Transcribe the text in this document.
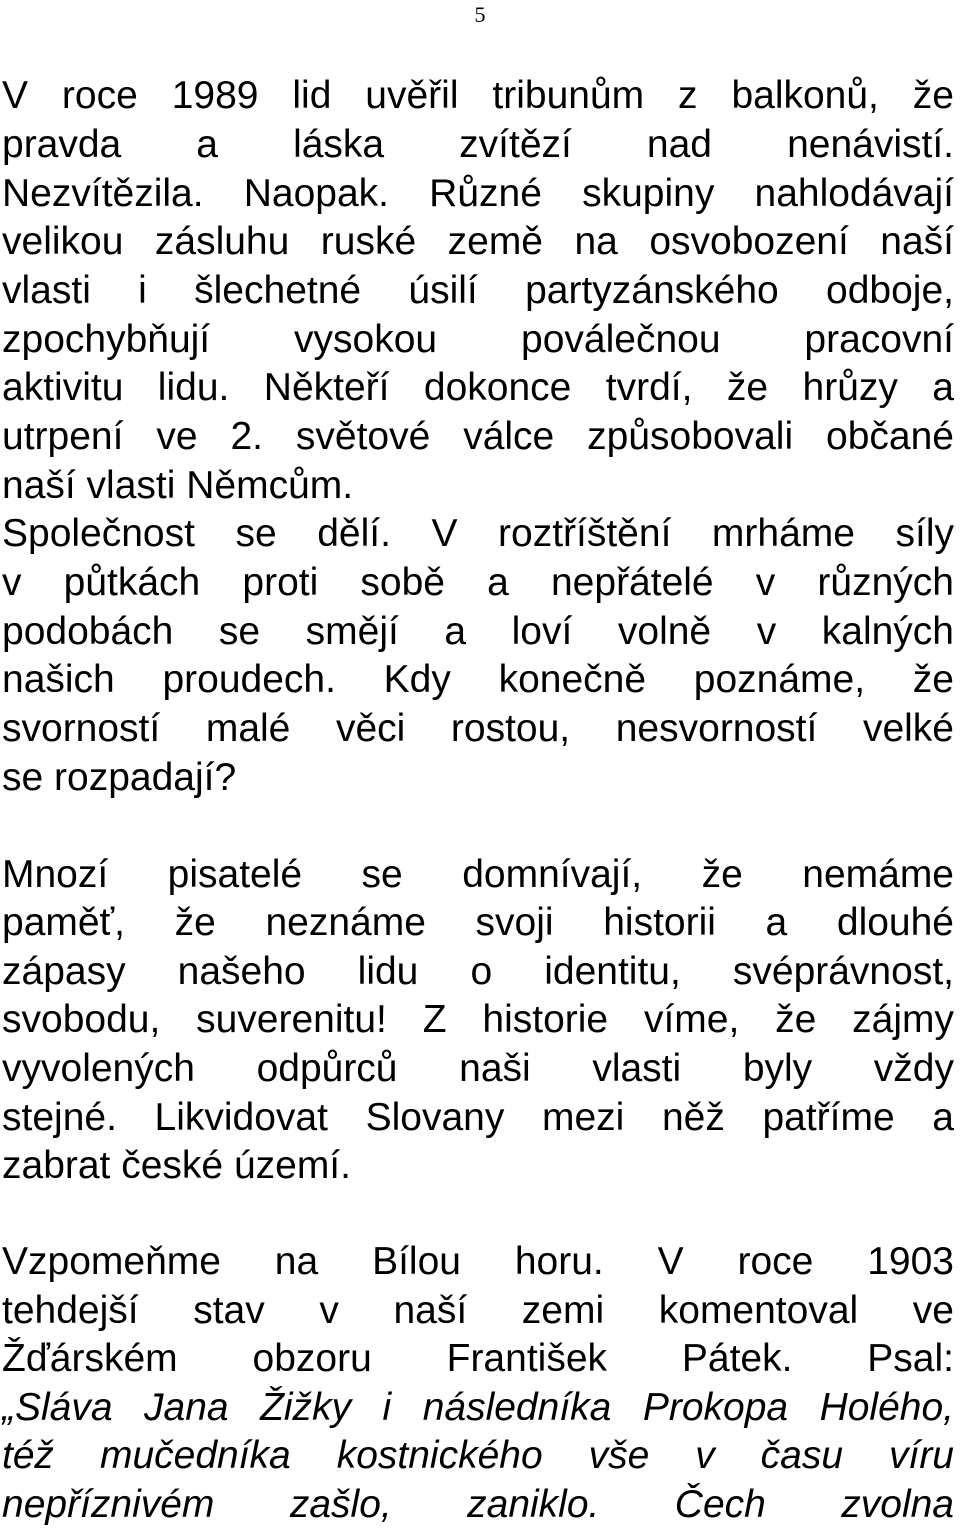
5
V roce 1989 lid uvěřil tribunům z balkonů, že
pravda a láska zvítězí nad nenávistí.
Nezvítězila. Naopak. Různé skupiny nahlodávají
velikou zásluhu ruské země na osvobození naší
vlasti i šlechetné úsilí partyzánského odboje,
zpochybňují vysokou poválečnou pracovní
aktivitu lidu. Někteří dokonce tvrdí, že hrůzy a
utrpení ve 2. světové válce způsobovali občané
naší vlasti Němcům.
Společnost se dělí. V roztříštění mrháme síly
v půtkách proti sobě a nepřátelé v různých
podobách se smějí a loví volně v kalných
našich proudech. Kdy konečně poznáme, že
svorností malé věci rostou, nesvorností velké
se rozpadají?
Mnozí pisatelé se domnívají, že nemáme
paměť, že neznáme svoji historii a dlouhé
zápasy našeho lidu o identitu, svéprávnost,
svobodu, suverenitu! Z historie víme, že zájmy
vyvolených odpůrců naši vlasti byly vždy
stejné. Likvidovat Slovany mezi něž patříme a
zabrat české území.
Vzpomeňme na Bílou horu. V roce 1903
tehdejší stav v naší zemi komentoval ve
Žďárském obzoru František Pátek. Psal:
„Sláva Jana Žižky i následníka Prokopa Holého,
též mučedníka kostnického vše v času víru
nepříznivém zašlo, zaniklo. Čech zvolna
